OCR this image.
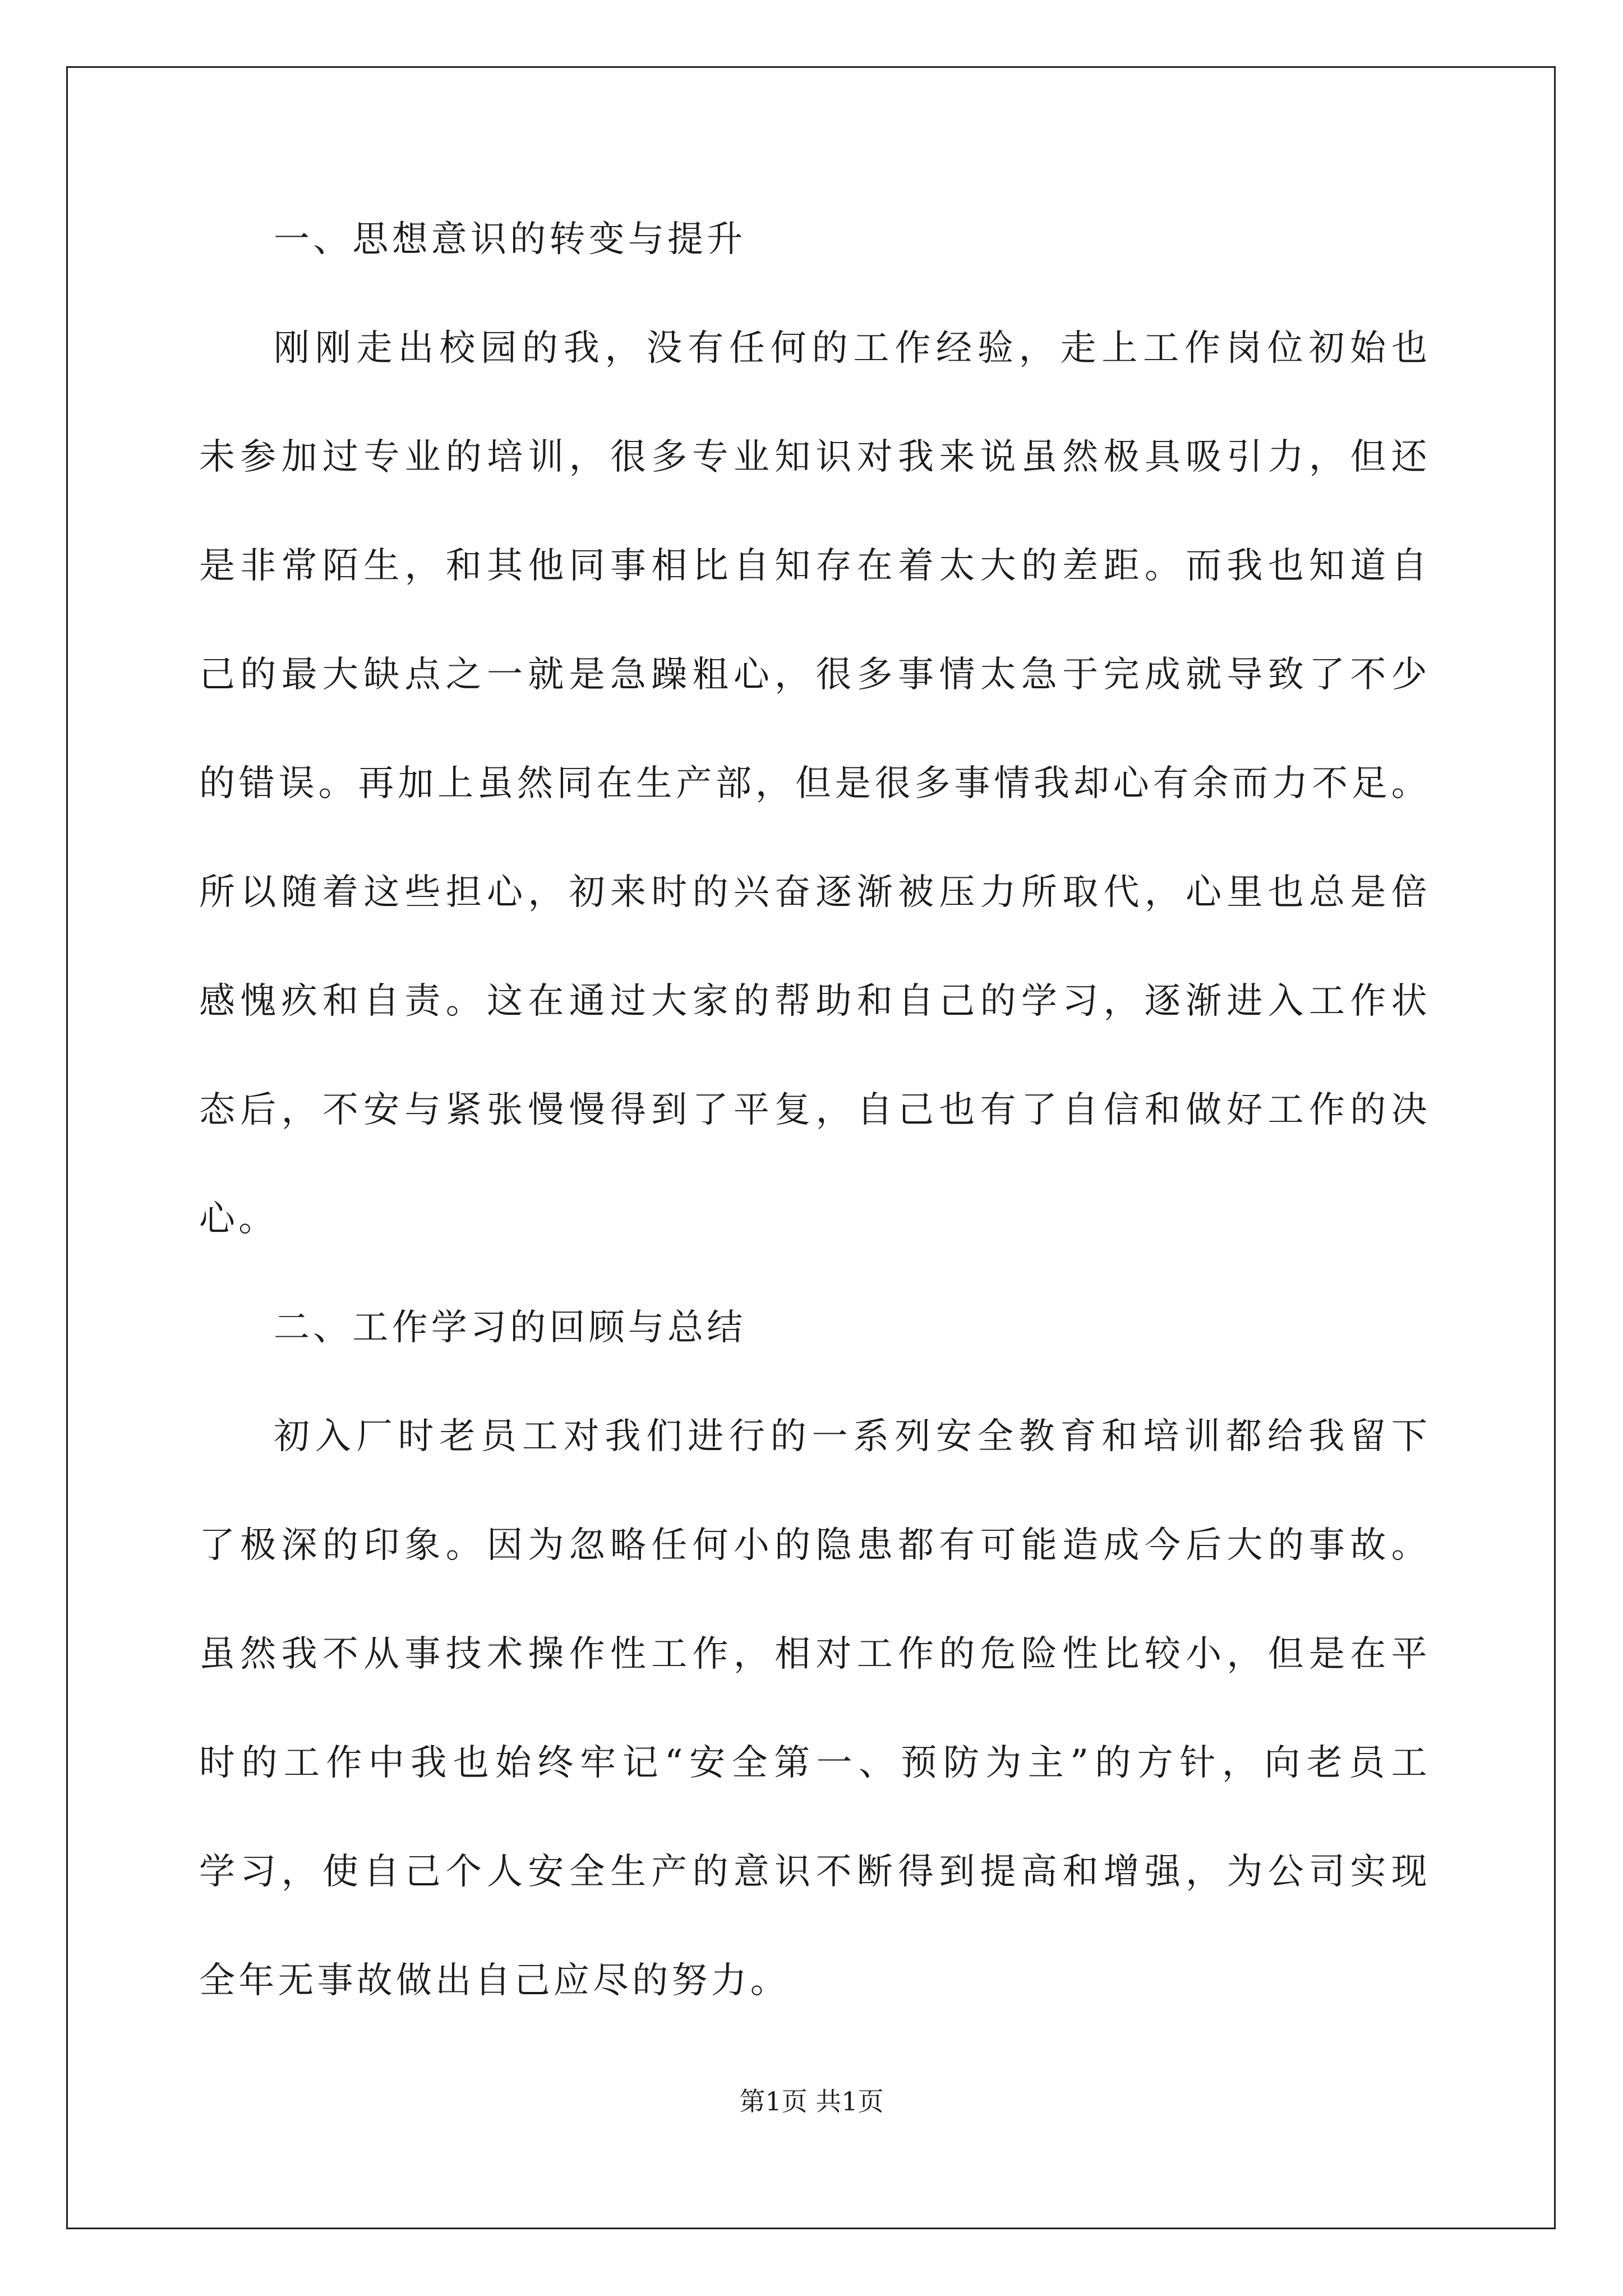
一、思想意识的转变与提升
刚 刚 走 出 校 园 的 我 ， 没 有 任 何 的 工 作 经 验 ， 走 上 工 作 岗 位 初 始 也
未 参 加 过 专 业 的 培 训 ， 很 多 专 业 知 识 对 我 来 说 虽 然 极 具 吸 引 力 ， 但 还
是 非 常 陌 生 ， 和 其 他 同 事 相 比 自 知 存 在 着 太 大 的 差 距 。 而 我 也 知 道 自
己 的 最 大 缺 点 之 一 就 是 急 躁 粗 心 ， 很 多 事 情 太 急 于 完 成 就 导 致 了 不 少
的 错 误 。 再 加 上 虽 然 同 在 生 产 部 ， 但 是 很 多 事 情 我 却 心 有 余 而 力 不 足 。
所 以 随 着 这 些 担 心 ， 初 来 时 的 兴 奋 逐 渐 被 压 力 所 取 代 ， 心 里 也 总 是 倍
感 愧 疚 和 自 责 。 这 在 通 过 大 家 的 帮 助 和 自 己 的 学 习 ， 逐 渐 进 入 工 作 状
态 后 ， 不 安 与 紧 张 慢 慢 得 到 了 平 复 ， 自 己 也 有 了 自 信 和 做 好 工 作 的 决
心。
二、工作学习的回顾与总结
初 入 厂 时 老 员 工 对 我 们 进 行 的 一 系 列 安 全 教 育 和 培 训 都 给 我 留 下
了 极 深 的 印 象 。 因 为 忽 略 任 何 小 的 隐 患 都 有 可 能 造 成 今 后 大 的 事 故 。
虽 然 我 不 从 事 技 术 操 作 性 工 作 ， 相 对 工 作 的 危 险 性 比 较 小 ， 但 是 在 平
时 的 工 作 中 我 也 始 终 牢 记 “ 安 全 第 一 、 预 防 为 主 ” 的 方 针 ， 向 老 员 工
学 习 ， 使 自 己 个 人 安 全 生 产 的 意 识 不 断 得 到 提 高 和 增 强 ， 为 公 司 实 现
全年无事故做出自己应尽的努力。
第1页 共1页
